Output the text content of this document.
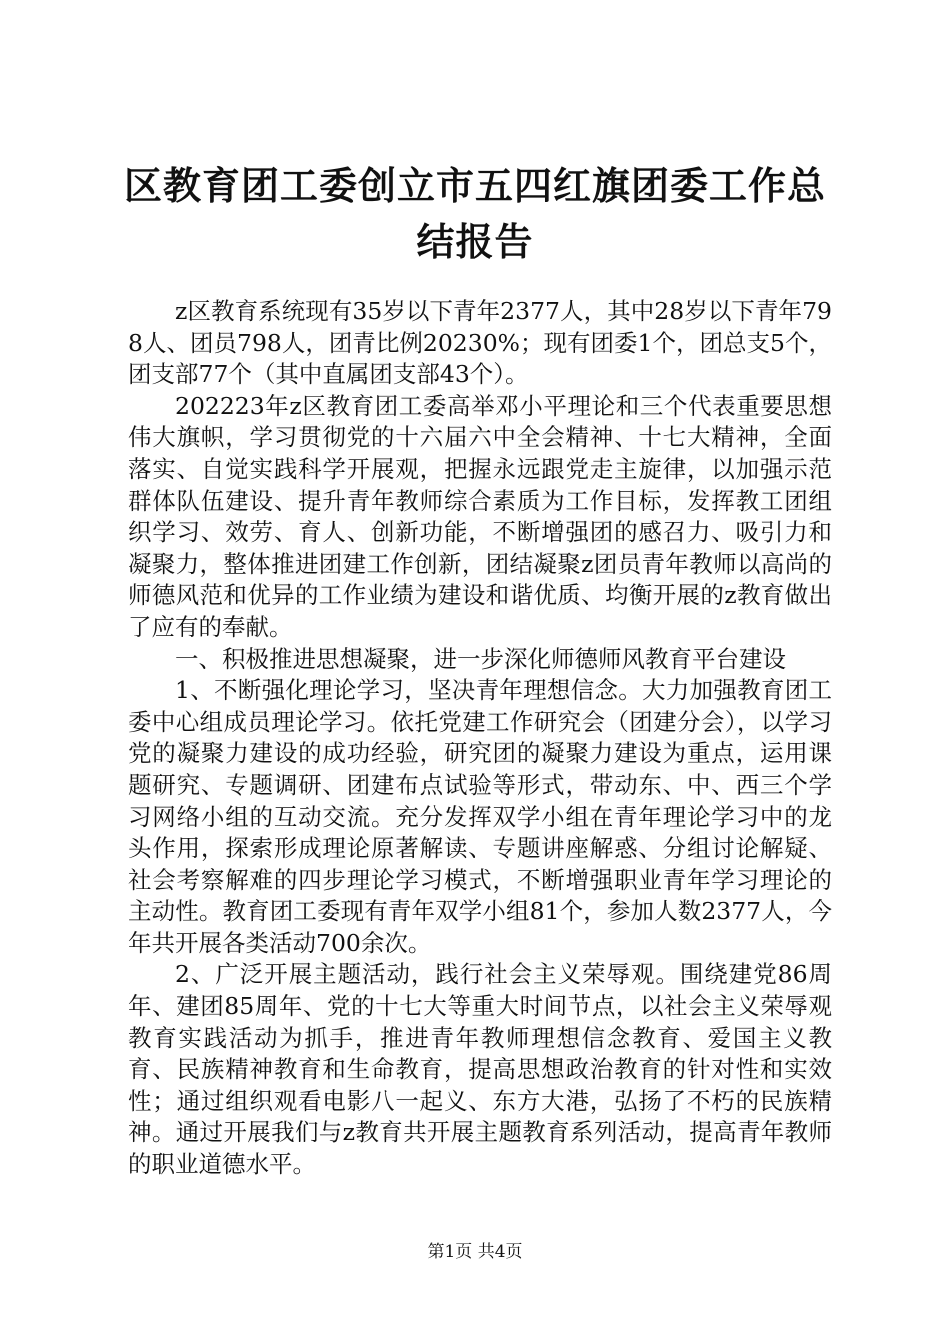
区教育团工委创立市五四红旗团委工作总结报告

z区教育系统现有35岁以下青年2377人，其中28岁以下青年798人、团员798人，团青比例20230%；现有团委1个，团总支5个，团支部77个（其中直属团支部43个）。

202223年z区教育团工委高举邓小平理论和三个代表重要思想伟大旗帜，学习贯彻党的十六届六中全会精神、十七大精神，全面落实、自觉实践科学开展观，把握永远跟党走主旋律，以加强示范群体队伍建设、提升青年教师综合素质为工作目标，发挥教工团组织学习、效劳、育人、创新功能，不断增强团的感召力、吸引力和凝聚力，整体推进团建工作创新，团结凝聚z团员青年教师以高尚的师德风范和优异的工作业绩为建设和谐优质、均衡开展的z教育做出了应有的奉献。

一、积极推进思想凝聚，进一步深化师德师风教育平台建设

1、不断强化理论学习，坚决青年理想信念。大力加强教育团工委中心组成员理论学习。依托党建工作研究会（团建分会），以学习党的凝聚力建设的成功经验，研究团的凝聚力建设为重点，运用课题研究、专题调研、团建布点试验等形式，带动东、中、西三个学习网络小组的互动交流。充分发挥双学小组在青年理论学习中的龙头作用，探索形成理论原著解读、专题讲座解惑、分组讨论解疑、社会考察解难的四步理论学习模式，不断增强职业青年学习理论的主动性。教育团工委现有青年双学小组81个，参加人数2377人，今年共开展各类活动700余次。

2、广泛开展主题活动，践行社会主义荣辱观。围绕建党86周年、建团85周年、党的十七大等重大时间节点，以社会主义荣辱观教育实践活动为抓手，推进青年教师理想信念教育、爱国主义教育、民族精神教育和生命教育，提高思想政治教育的针对性和实效性；通过组织观看电影八一起义、东方大港，弘扬了不朽的民族精神。通过开展我们与z教育共开展主题教育系列活动，提高青年教师的职业道德水平。

第1页 共4页
